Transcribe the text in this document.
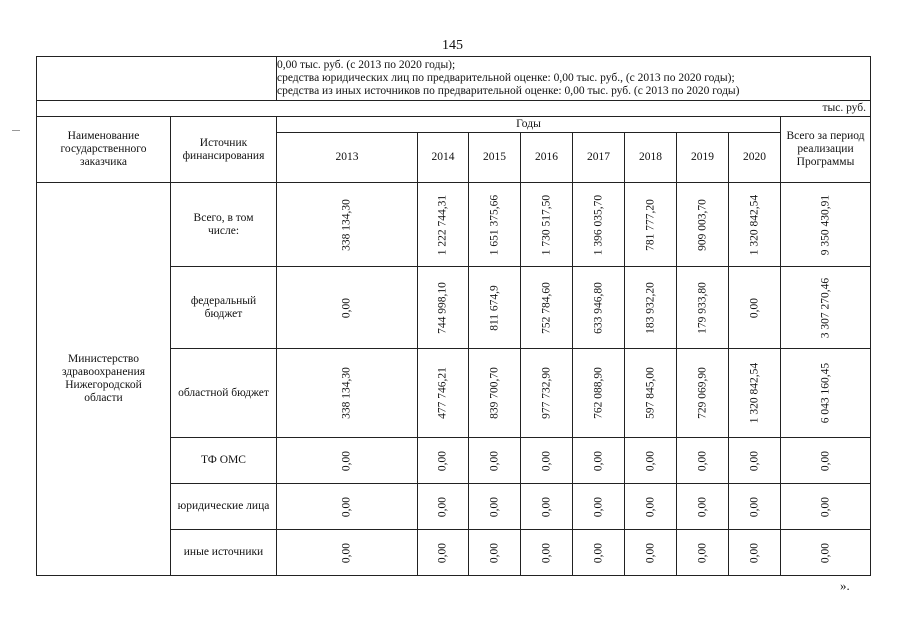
145

		0,00 тыс. руб. (с 2013 по 2020 годы);
средства юридических лиц по предварительной оценке: 0,00 тыс. руб., (с 2013 по 2020 годы);
средства из иных источников по предварительной оценке: 0,00 тыс. руб. (с 2013 по 2020 годы)								

										тыс. руб.
Наименование государственного заказчика	Источник финансирования	Годы								Всего за период реализации Программы
		2013	2014	2015	2016	2017	2018	2019	2020	
Министерство здравоохранения Нижегородской области	Всего, в том числе:	338 134,30	1 222 744,31	1 651 375,66	1 730 517,50	1 396 035,70	781 777,20	909 003,70	1 320 842,54	9 350 430,91

	федеральный бюджет	0,00	744 998,10	811 674,9	752 784,60	633 946,80	183 932,20	179 933,80	0,00	3 307 270,46

	областной бюджет	338 134,30	477 746,21	839 700,70	977 732,90	762 088,90	597 845,00	729 069,90	1 320 842,54	6 043 160,45

	ТФ ОМС	0,00	0,00	0,00	0,00	0,00	0,00	0,00	0,00	0,00

	юридические лица	0,00	0,00	0,00	0,00	0,00	0,00	0,00	0,00	0,00

	иные источники	0,00	0,00	0,00	0,00	0,00	0,00	0,00	0,00	0,00
».
